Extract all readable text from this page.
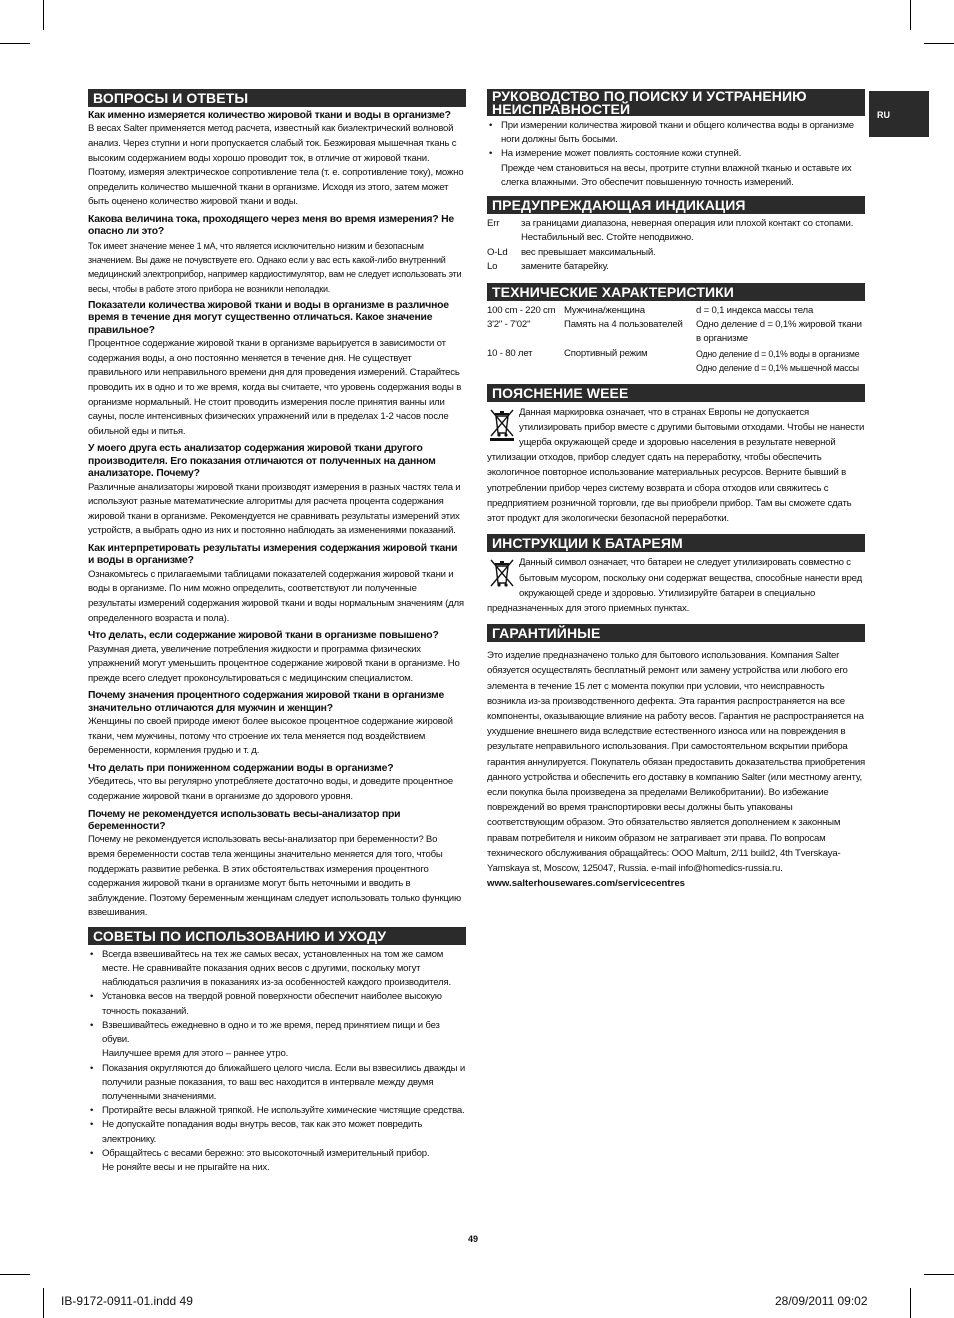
RU
ВОПРОСЫ И ОТВЕТЫ

Как именно измеряется количество жировой ткани и воды в организме?

В весах Salter применяется метод расчета, известный как биэлектрический волновой анализ. Через ступни и ноги пропускается слабый ток. Безжировая мышечная ткань с высоким содержанием воды хорошо проводит ток, в отличие от жировой ткани. Поэтому, измеряя электрическое сопротивление тела (т. е. сопротивление току), можно определить количество мышечной ткани в организме. Исходя из этого, затем может быть оценено количество жировой ткани и воды.

Какова величина тока, проходящего через меня во время измерения? Не опасно ли это?

Ток имеет значение менее 1 мА, что является исключительно низким и безопасным значением. Вы даже не почувствуете его. Однако если у вас есть какой-либо внутренний медицинский электроприбор, например кардиостимулятор, вам не следует использовать эти весы, чтобы в работе этого прибора не возникли неполадки.

Показатели количества жировой ткани и воды в организме в различное время в течение дня могут существенно отличаться. Какое значение правильное?

Процентное содержание жировой ткани в организме варьируется в зависимости от содержания воды, а оно постоянно меняется в течение дня. Не существует правильного или неправильного времени дня для проведения измерений. Старайтесь проводить их в одно и то же время, когда вы считаете, что уровень содержания воды в организме нормальный. Не стоит проводить измерения после принятия ванны или сауны, после интенсивных физических упражнений или в пределах 1-2 часов после обильной еды и питья.

У моего друга есть анализатор содержания жировой ткани другого производителя. Его показания отличаются от полученных на данном анализаторе. Почему?

Различные анализаторы жировой ткани производят измерения в разных частях тела и используют разные математические алгоритмы для расчета процента содержания жировой ткани в организме. Рекомендуется не сравнивать результаты измерений этих устройств, а выбрать одно из них и постоянно наблюдать за изменениями показаний.

Как интерпретировать результаты измерения содержания жировой ткани и воды в организме?

Ознакомьтесь с прилагаемыми таблицами показателей содержания жировой ткани и воды в организме. По ним можно определить, соответствуют ли полученные результаты измерений содержания жировой ткани и воды нормальным значениям (для определенного возраста и пола).

Что делать, если содержание жировой ткани в организме повышено?

Разумная диета, увеличение потребления жидкости и программа физических упражнений могут уменьшить процентное содержание жировой ткани в организме. Но прежде всего следует проконсультироваться с медицинским специалистом.

Почему значения процентного содержания жировой ткани в организме значительно отличаются для мужчин и женщин?

Женщины по своей природе имеют более высокое процентное содержание жировой ткани, чем мужчины, потому что строение их тела меняется под воздействием беременности, кормления грудью и т. д.

Что делать при пониженном содержании воды в организме?

Убедитесь, что вы регулярно употребляете достаточно воды, и доведите процентное содержание жировой ткани в организме до здорового уровня.

Почему не рекомендуется использовать весы-анализатор при беременности?

Почему не рекомендуется использовать весы-анализатор при беременности? Во время беременности состав тела женщины значительно меняется для того, чтобы поддержать развитие ребенка. В этих обстоятельствах измерения процентного содержания жировой ткани в организме могут быть неточными и вводить в заблуждение. Поэтому беременным женщинам следует использовать только функцию взвешивания.

СОВЕТЫ ПО ИСПОЛЬЗОВАНИЮ И УХОДУ
• Всегда взвешивайтесь на тех же самых весах, установленных на том же самом месте. Не сравнивайте показания одних весов с другими, поскольку могут наблюдаться различия в показаниях из-за особенностей каждого производителя.
• Установка весов на твердой ровной поверхности обеспечит наиболее высокую точность показаний.
• Взвешивайтесь ежедневно в одно и то же время, перед принятием пищи и без обуви.
Наилучшее время для этого – раннее утро.
• Показания округляются до ближайшего целого числа. Если вы взвесились дважды и получили разные показания, то ваш вес находится в интервале между двумя полученными значениями.
• Протирайте весы влажной тряпкой. Не используйте химические чистящие средства.
• Не допускайте попадания воды внутрь весов, так как это может повредить электронику.
• Обращайтесь с весами бережно: это высокоточный измерительный прибор.
Не роняйте весы и не прыгайте на них.
РУКОВОДСТВО ПО ПОИСКУ И УСТРАНЕНИЮ НЕИСПРАВНОСТЕЙ
• При измерении количества жировой ткани и общего количества воды в организме ноги должны быть босыми.
• На измерение может повлиять состояние кожи ступней.
Прежде чем становиться на весы, протрите ступни влажной тканью и оставьте их слегка влажными. Это обеспечит повышенную точность измерений.
ПРЕДУПРЕЖДАЮЩАЯ ИНДИКАЦИЯ
Err	за границами диапазона, неверная операция или плохой контакт со стопами. Нестабильный вес. Стойте неподвижно.
O-Ld	вес превышает максимальный.
Lo	замените батарейку.
ТЕХНИЧЕСКИЕ ХАРАКТЕРИСТИКИ
100 cm - 220 cm Мужчина/женщина	d = 0,1 индекса массы тела
3'2" - 7'02"	Память на 4 пользователей	Одно деление d = 0,1% жировой ткани в организме
10 - 80 лет	Спортивный режим	Одно деление d = 0,1% воды в организме
Одно деление d = 0,1% мышечной массы
ПОЯСНЕНИЕ WEEE

Данная маркировка означает, что в странах Европы не допускается утилизировать прибор вместе с другими бытовыми отходами. Чтобы не нанести ущерба окружающей среде и здоровью населения в результате неверной утилизации отходов, прибор следует сдать на переработку, чтобы обеспечить экологичное повторное использование материальных ресурсов. Верните бывший в употреблении прибор через систему возврата и сбора отходов или свяжитесь с предприятием розничной торговли, где вы приобрели прибор. Там вы сможете сдать этот продукт для экологически безопасной переработки.

ИНСТРУКЦИИ К БАТАРЕЯМ

Данный символ означает, что батареи не следует утилизировать совместно с бытовым мусором, поскольку они содержат вещества, способные нанести вред окружающей среде и здоровью. Утилизируйте батареи в специально предназначенных для этого приемных пунктах.

ГАРАНТИЙНЫЕ

Это изделие предназначено только для бытового использования. Компания Salter обязуется осуществлять бесплатный ремонт или замену устройства или любого его элемента в течение 15 лет с момента покупки при условии, что неисправность возникла из-за производственного дефекта. Эта гарантия распространяется на все компоненты, оказывающие влияние на работу весов. Гарантия не распространяется на ухудшение внешнего вида вследствие естественного износа или на повреждения в результате неправильного использования. При самостоятельном вскрытии прибора гарантия аннулируется. Покупатель обязан предоставить доказательства приобретения данного устройства и обеспечить его доставку в компанию Salter (или местному агенту, если покупка была произведена за пределами Великобритании). Во избежание повреждений во время транспортировки весы должны быть упакованы соответствующим образом. Это обязательство является дополнением к законным правам потребителя и никоим образом не затрагивает эти права. По вопросам технического обслуживания обращайтесь: OOO Maltum, 2/11 build2, 4th Tverskaya-Yamskaya st, Moscow, 125047, Russia. e-mail info@homedics-russia.ru.

www.salterhousewares.com/servicecentres

49
IB-9172-0911-01.indd 49	28/09/2011 09:02
